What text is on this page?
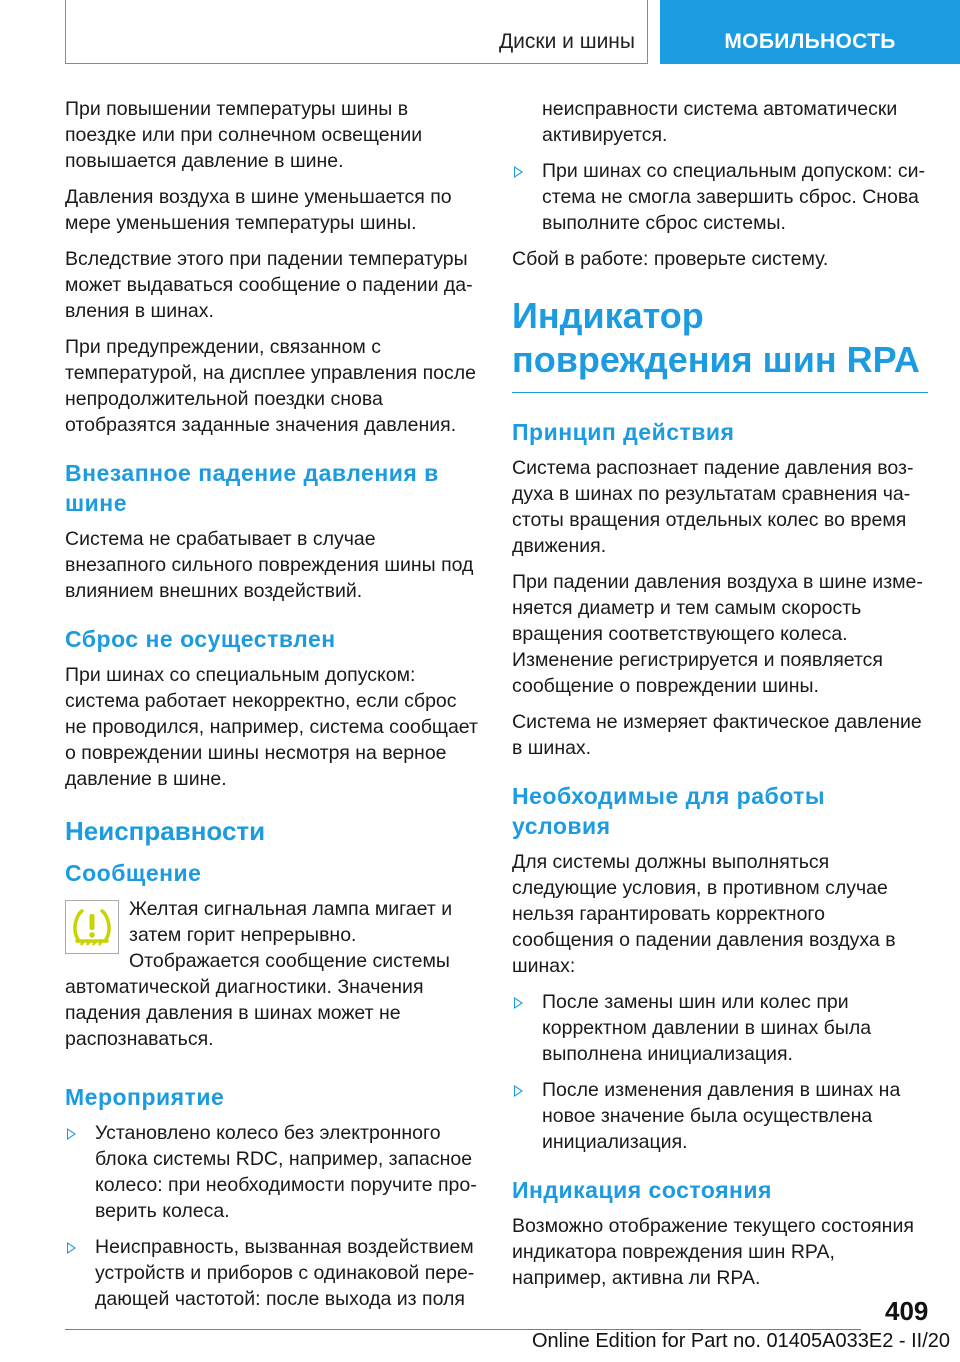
Диски и шины	МОБИЛЬНОСТЬ

При повышении температуры шины в поездке или при солнечном освещении повышается давление в шине.

Давления воздуха в шине уменьшается по мере уменьшения температуры шины.

Вследствие этого при падении температуры может выдаваться сообщение о падении давления в шинах.

При предупреждении, связанном с температурой, на дисплее управления после непродолжительной поездки снова отобразятся заданные значения давления.

Внезапное падение давления в шине

Система не срабатывает в случае внезапного сильного повреждения шины под влиянием внешних воздействий.

Сброс не осуществлен

При шинах со специальным допуском: система работает некорректно, если сброс не проводился, например, система сообщает о повреждении шины несмотря на верное давление в шине.

Неисправности
Сообщение

Желтая сигнальная лампа мигает и затем горит непрерывно. Отображается сообщение системы автоматической диагностики. Значения падения давления в шинах может не распознаваться.

Мероприятие
Установлено колесо без электронного блока системы RDC, например, запасное колесо: при необходимости поручите проверить колеса.
Неисправность, вызванная воздействием устройств и приборов с одинаковой передающей частотой: после выхода из поля

неисправности система автоматически активируется.

При шинах со специальным допуском: система не смогла завершить сброс. Снова выполните сброс системы.

Сбой в работе: проверьте систему.

Индикатор повреждения шин RPA
Принцип действия

Система распознает падение давления воздуха в шинах по результатам сравнения частоты вращения отдельных колес во время движения.

При падении давления воздуха в шине изменяется диаметр и тем самым скорость вращения соответствующего колеса. Изменение регистрируется и появляется сообщение о повреждении шины.

Система не измеряет фактическое давление в шинах.

Необходимые для работы условия

Для системы должны выполняться следующие условия, в противном случае нельзя гарантировать корректного сообщения о падении давления воздуха в шинах:

После замены шин или колес при корректном давлении в шинах была выполнена инициализация.
После изменения давления в шинах на новое значение была осуществлена инициализация.
Индикация состояния

Возможно отображение текущего состояния индикатора повреждения шин RPA, например, активна ли RPA.

409
Online Edition for Part no. 01405A033E2 - II/20
